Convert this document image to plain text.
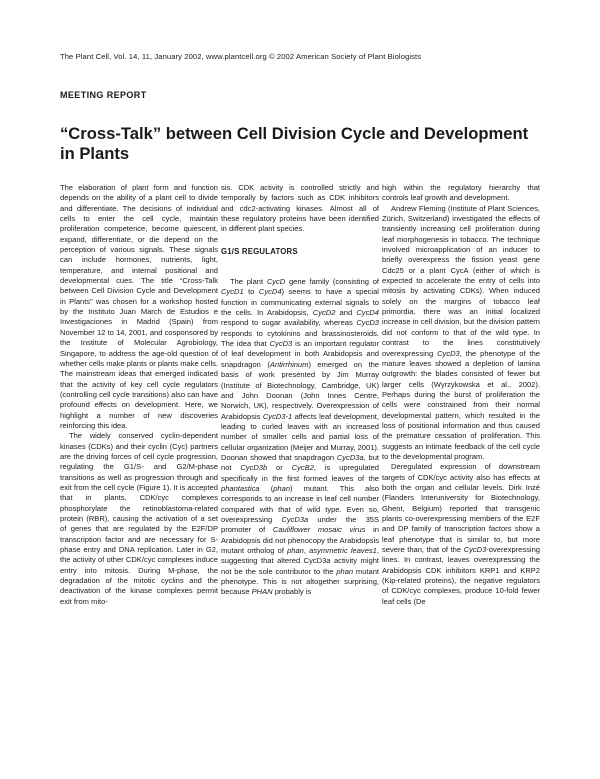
The Plant Cell, Vol. 14, 11, January 2002, www.plantcell.org © 2002 American Society of Plant Biologists
MEETING REPORT
“Cross-Talk” between Cell Division Cycle and Development in Plants

The elaboration of plant form and function depends on the ability of a plant cell to divide and differentiate. The decisions of individual cells to enter the cell cycle, maintain proliferation competence, become quiescent, expand, differentiate, or die depend on the perception of various signals. These signals can include hormones, nutrients, light, temperature, and internal positional and developmental cues. The title “Cross-Talk between Cell Division Cycle and Development in Plants” was chosen for a workshop hosted by the Instituto Juan March de Estudios e Investigaciones in Madrid (Spain) from November 12 to 14, 2001, and cosponsored by the Institute of Molecular Agrobiology, Singapore, to address the age-old question of whether cells make plants or plants make cells. The mainstream ideas that emerged indicated that the activity of key cell cycle regulators (controlling cell cycle transitions) also can have profound effects on development. Here, we highlight a number of new discoveries reinforcing this idea.

The widely conserved cyclin-dependent kinases (CDKs) and their cyclin (Cyc) partners are the driving forces of cell cycle progression, regulating the G1/S- and G2/M-phase transitions as well as progression through and exit from the cell cycle (Figure 1). It is accepted that in plants, CDK/cyc complexes phosphorylate the retinoblastoma-related protein (RBR), causing the activation of a set of genes that are regulated by the E2F/DP transcription factor and are necessary for S-phase entry and DNA replication. Later in G2, the activity of other CDK/cyc complexes induce entry into mitosis. During M-phase, the degradation of the mitotic cyclins and the deactivation of the kinase complexes permit exit from mito-

sis. CDK activity is controlled strictly and temporally by factors such as CDK inhibitors and cdc2-activating kinases. Almost all of these regulatory proteins have been identified in different plant species.

G1/S REGULATORS

The plant CycD gene family (consisting of CycD1 to CycD4) seems to have a special function in communicating external signals to the cells. In Arabidopsis, CycD2 and CycD4 respond to sugar availability, whereas CycD3 responds to cytokinins and brassinosteroids. The idea that CycD3 is an important regulator of leaf development in both Arabidopsis and snapdragon (Antirrhinum) emerged on the basis of work presented by Jim Murray (Institute of Biotechnology, Cambridge, UK) and John Doonan (John Innes Centre, Norwich, UK), respectively. Overexpression of Arabidopsis CycD3-1 affects leaf development, leading to curled leaves with an increased number of smaller cells and partial loss of cellular organization (Meijer and Murray, 2001). Doonan showed that snapdragon CycD3a, but not CycD3b or CycB2, is upregulated specifically in the first formed leaves of the phantastica (phan) mutant. This also corresponds to an increase in leaf cell number compared with that of wild type. Even so, overexpressing CycD3a under the 35S promoter of Cauliflower mosaic virus in Arabidopsis did not phenocopy the Arabidopsis mutant ortholog of phan, asymmetric leaves1, suggesting that altered CycD3a activity might not be the sole contributor to the phan mutant phenotype. This is not altogether surprising, because PHAN probably is

high within the regulatory hierarchy that controls leaf growth and development.

Andrew Fleming (Institute of Plant Sciences, Zürich, Switzerland) investigated the effects of transiently increasing cell proliferation during leaf morphogenesis in tobacco. The technique involved microapplication of an inducer to briefly overexpress the fission yeast gene Cdc25 or a plant CycA (either of which is expected to accelerate the entry of cells into mitosis by activating CDKs). When induced solely on the margins of tobacco leaf primordia, there was an initial localized increase in cell division, but the division pattern did not conform to that of the wild type. In contrast to the lines constitutively overexpressing CycD3, the phenotype of the mature leaves showed a depletion of lamina outgrowth: the blades consisted of fewer but larger cells (Wyrzykowska et al., 2002). Perhaps during the burst of proliferation the cells were constrained from their normal developmental pattern, which resulted in the loss of positional information and thus caused the premature cessation of proliferation. This suggests an intimate feedback of the cell cycle to the developmental program.

Deregulated expression of downstream targets of CDK/cyc activity also has effects at both the organ and cellular levels. Dirk Inzé (Flanders Interuniversity for Biotechnology, Ghent, Belgium) reported that transgenic plants co-overexpressing members of the E2F and DP family of transcription factors show a leaf phenotype that is similar to, but more severe than, that of the CycD3-overexpressing lines. In contrast, leaves overexpressing the Arabidopsis CDK inhibitors KRP1 and KRP2 (Kip-related proteins), the negative regulators of CDK/cyc complexes, produce 10-fold fewer leaf cells (De
